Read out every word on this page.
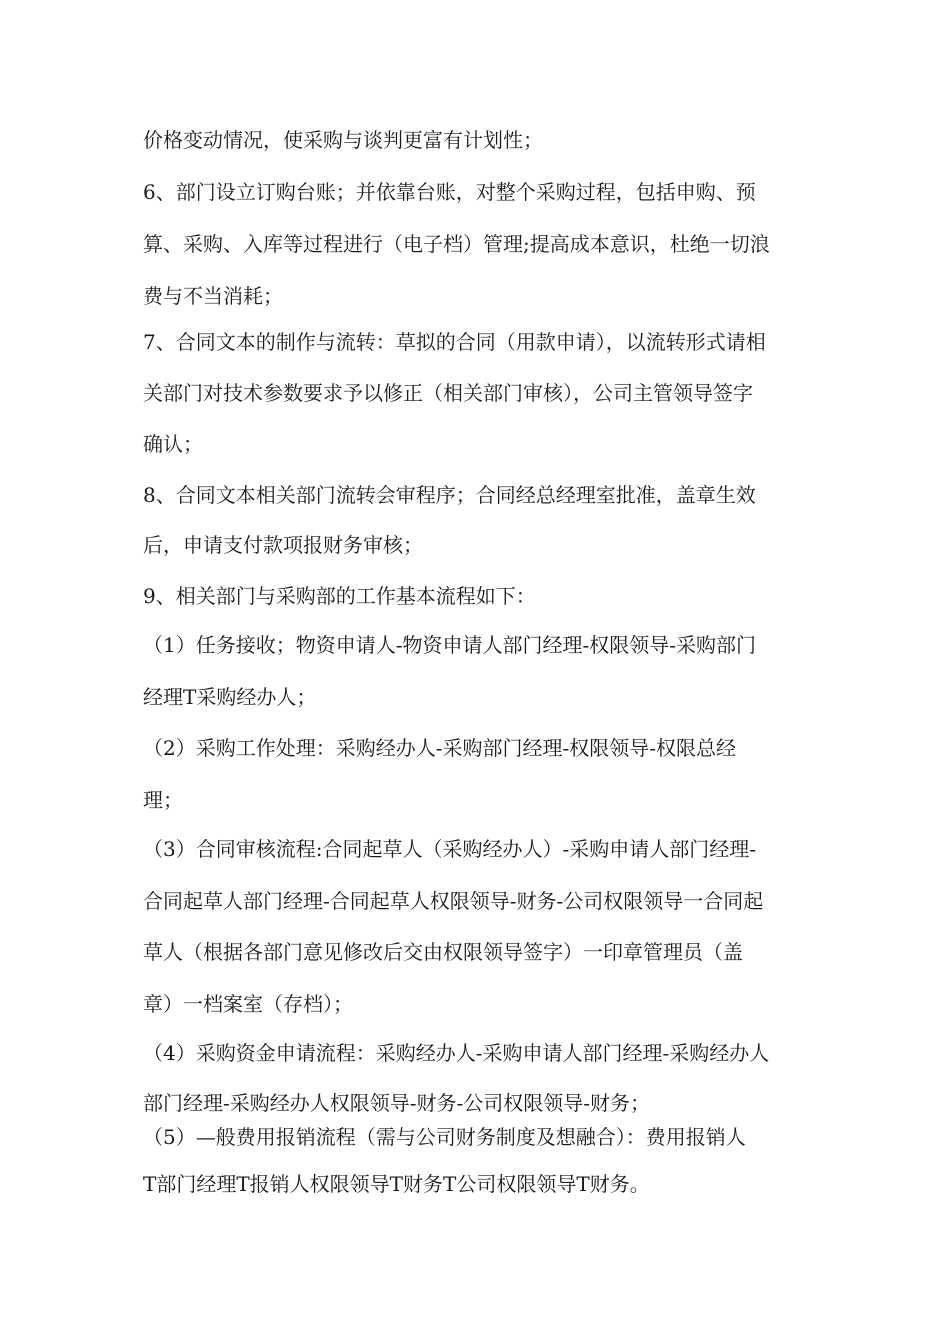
价格变动情况，使采购与谈判更富有计划性；
6、部门设立订购台账；并依靠台账，对整个采购过程，包括申购、预
算、采购、入库等过程进行（电子档）管理;提高成本意识，杜绝一切浪
费与不当消耗；
7、合同文本的制作与流转：草拟的合同（用款申请），以流转形式请相
关部门对技术参数要求予以修正（相关部门审核），公司主管领导签字
确认；
8、合同文本相关部门流转会审程序；合同经总经理室批准，盖章生效
后，申请支付款项报财务审核；
9、相关部门与采购部的工作基本流程如下：
（1）任务接收；物资申请人-物资申请人部门经理-权限领导-采购部门
经理T采购经办人；
（2）采购工作处理：采购经办人-采购部门经理-权限领导-权限总经
理；
（3）合同审核流程:合同起草人（采购经办人）-采购申请人部门经理-
合同起草人部门经理-合同起草人权限领导-财务-公司权限领导一合同起
草人（根据各部门意见修改后交由权限领导签字）一印章管理员（盖
章）一档案室（存档）；
（4）采购资金申请流程：采购经办人-采购申请人部门经理-采购经办人
部门经理-采购经办人权限领导-财务-公司权限领导-财务；
（5）—般费用报销流程（需与公司财务制度及想融合）：费用报销人
T部门经理T报销人权限领导T财务T公司权限领导T财务。
